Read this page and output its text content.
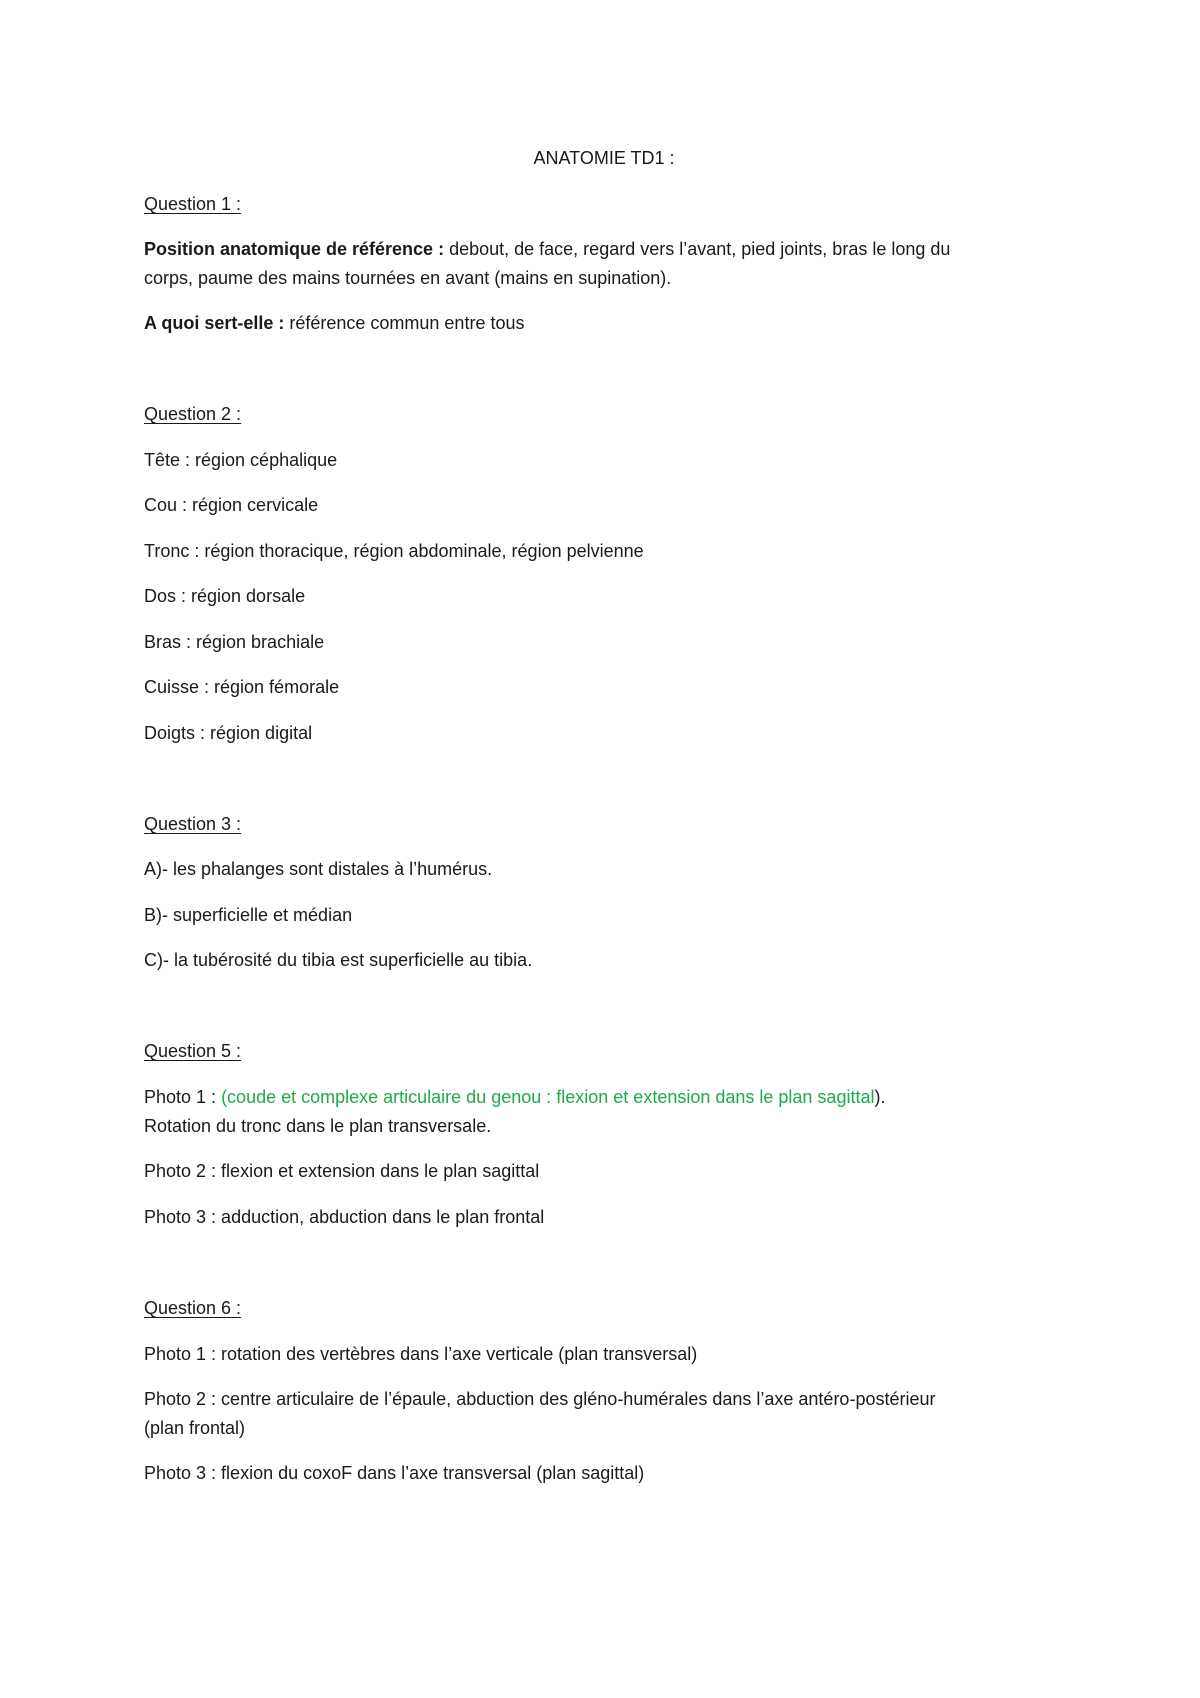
ANATOMIE TD1 :
Question 1 :
Position anatomique de référence : debout, de face, regard vers l’avant, pied joints, bras le long du
corps, paume des mains tournées en avant (mains en supination).
A quoi sert-elle : référence commun entre tous
Question 2 :
Tête : région céphalique
Cou : région cervicale
Tronc : région thoracique, région abdominale, région pelvienne
Dos : région dorsale
Bras : région brachiale
Cuisse : région fémorale
Doigts : région digital
Question 3 :
A)- les phalanges sont distales à l’humérus.
B)- superficielle et médian
C)- la tubérosité du tibia est superficielle au tibia.
Question 5 :
Photo 1 : (coude et complexe articulaire du genou : flexion et extension dans le plan sagittal).
Rotation du tronc dans le plan transversale.
Photo 2 : flexion et extension dans le plan sagittal
Photo 3 : adduction, abduction dans le plan frontal
Question 6 :
Photo 1 : rotation des vertèbres dans l’axe verticale (plan transversal)
Photo 2 : centre articulaire de l’épaule, abduction des gléno-humérales dans l’axe antéro-postérieur
(plan frontal)
Photo 3 : flexion du coxoF dans l’axe transversal (plan sagittal)
